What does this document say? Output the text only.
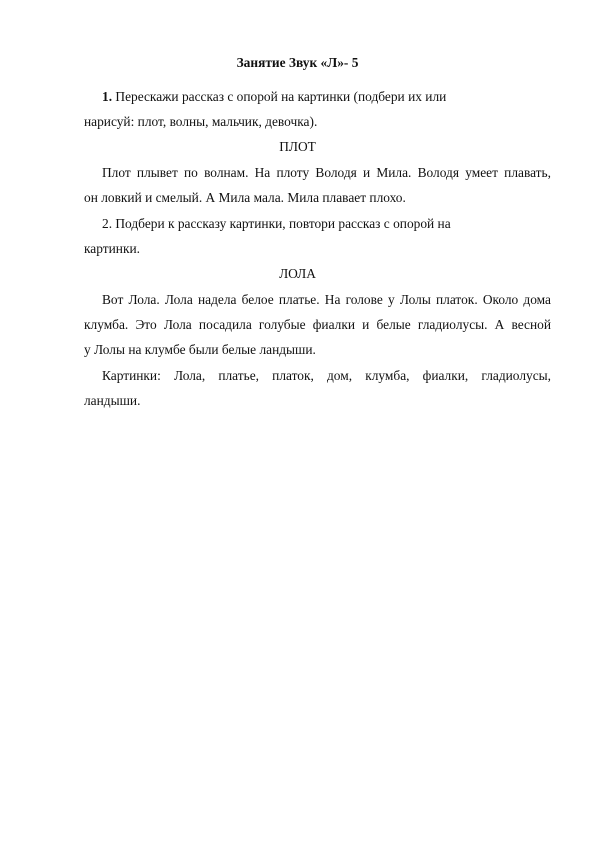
Занятие Звук «Л»- 5
1. Перескажи рассказ с опорой на картинки (подбери их или
нарисуй: плот, волны, мальчик, девочка).
ПЛОТ
Плот плывет по волнам. На плоту Володя и Мила. Володя умеет плавать,
он ловкий и смелый. А Мила мала. Мила плавает плохо.
2. Подбери к рассказу картинки, повтори рассказ с опорой на
картинки.
ЛОЛА
Вот Лола. Лола надела белое платье. На голове у Лолы платок. Около дома
клумба. Это Лола посадила голубые фиалки и белые гладиолусы. А весной
у Лолы на клумбе были белые ландыши.
Картинки: Лола, платье, платок, дом, клумба, фиалки, гладиолусы,
ландыши.
